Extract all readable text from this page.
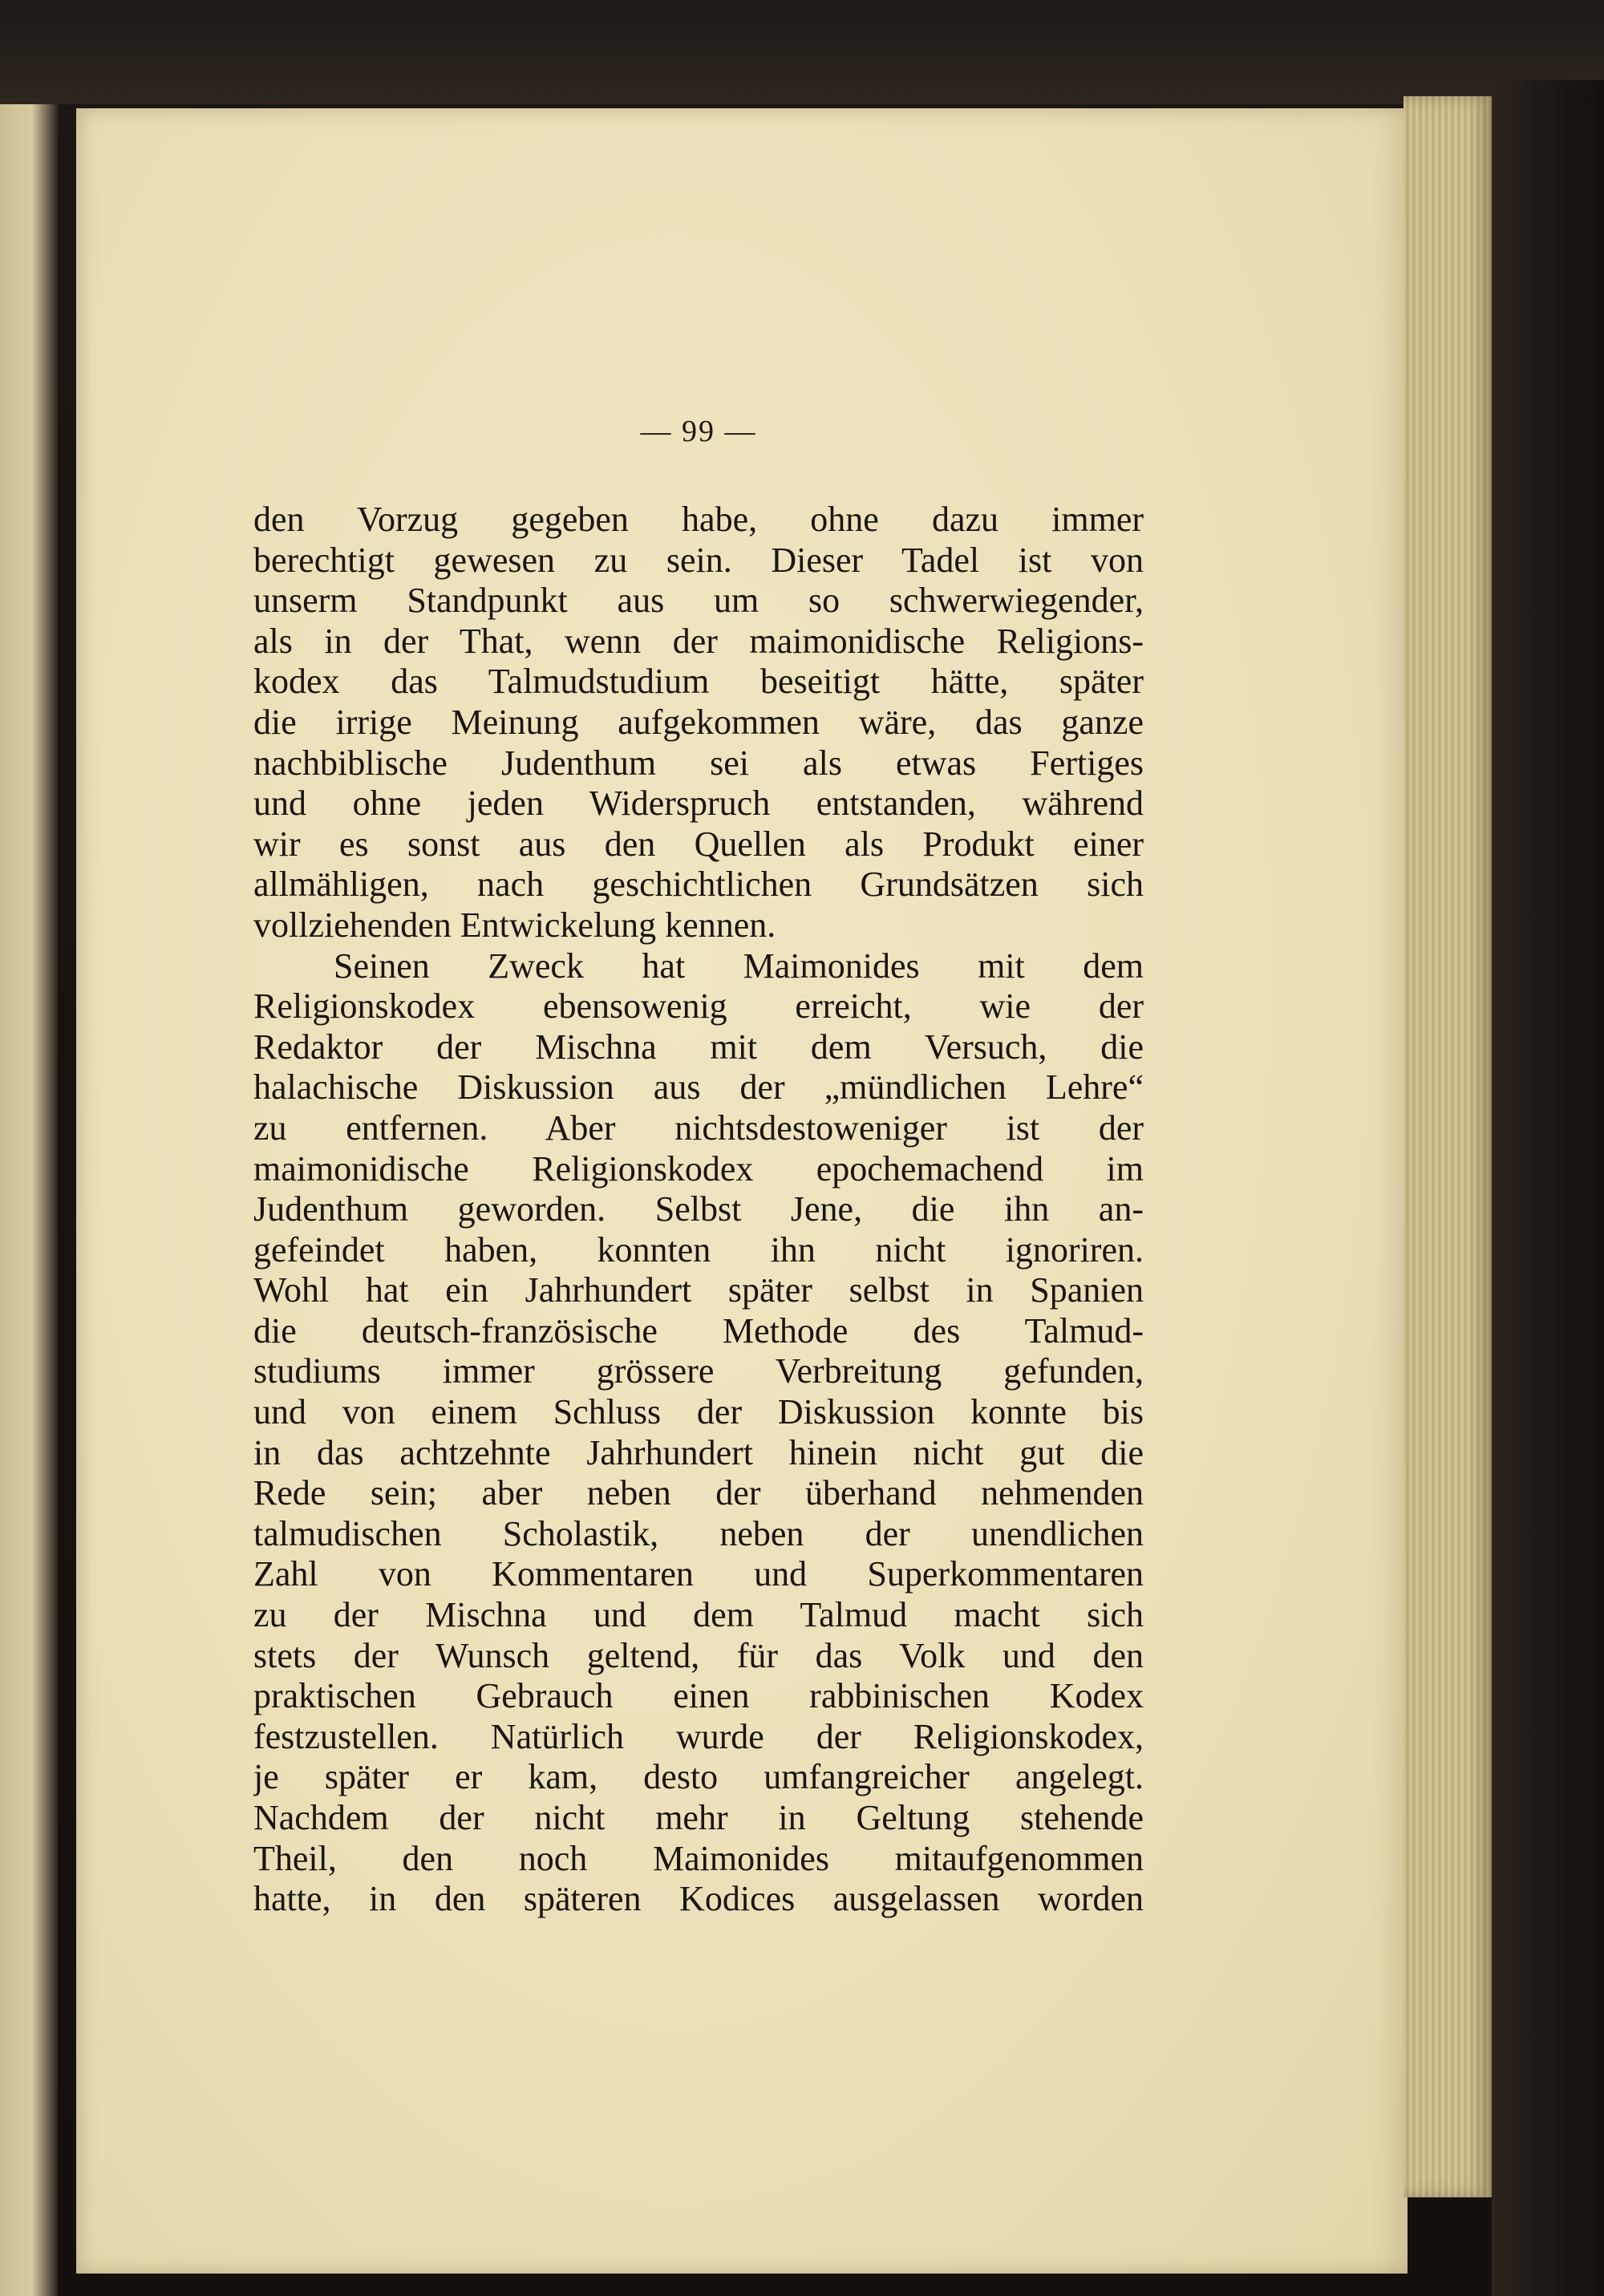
— 99 —
den Vorzug gegeben habe, ohne dazu immer
berechtigt gewesen zu sein. Dieser Tadel ist von
unserm Standpunkt aus um so schwerwiegender,
als in der That, wenn der maimonidische Religions-
kodex das Talmudstudium beseitigt hätte, später
die irrige Meinung aufgekommen wäre, das ganze
nachbiblische Judenthum sei als etwas Fertiges
und ohne jeden Widerspruch entstanden, während
wir es sonst aus den Quellen als Produkt einer
allmähligen, nach geschichtlichen Grundsätzen sich
vollziehenden Entwickelung kennen.
Seinen Zweck hat Maimonides mit dem
Religionskodex ebensowenig erreicht, wie der
Redaktor der Mischna mit dem Versuch, die
halachische Diskussion aus der „mündlichen Lehre“
zu entfernen. Aber nichtsdestoweniger ist der
maimonidische Religionskodex epochemachend im
Judenthum geworden. Selbst Jene, die ihn an-
gefeindet haben, konnten ihn nicht ignoriren.
Wohl hat ein Jahrhundert später selbst in Spanien
die deutsch-französische Methode des Talmud-
studiums immer grössere Verbreitung gefunden,
und von einem Schluss der Diskussion konnte bis
in das achtzehnte Jahrhundert hinein nicht gut die
Rede sein; aber neben der überhand nehmenden
talmudischen Scholastik, neben der unendlichen
Zahl von Kommentaren und Superkommentaren
zu der Mischna und dem Talmud macht sich
stets der Wunsch geltend, für das Volk und den
praktischen Gebrauch einen rabbinischen Kodex
festzustellen. Natürlich wurde der Religionskodex,
je später er kam, desto umfangreicher angelegt.
Nachdem der nicht mehr in Geltung stehende
Theil, den noch Maimonides mitaufgenommen
hatte, in den späteren Kodices ausgelassen worden
